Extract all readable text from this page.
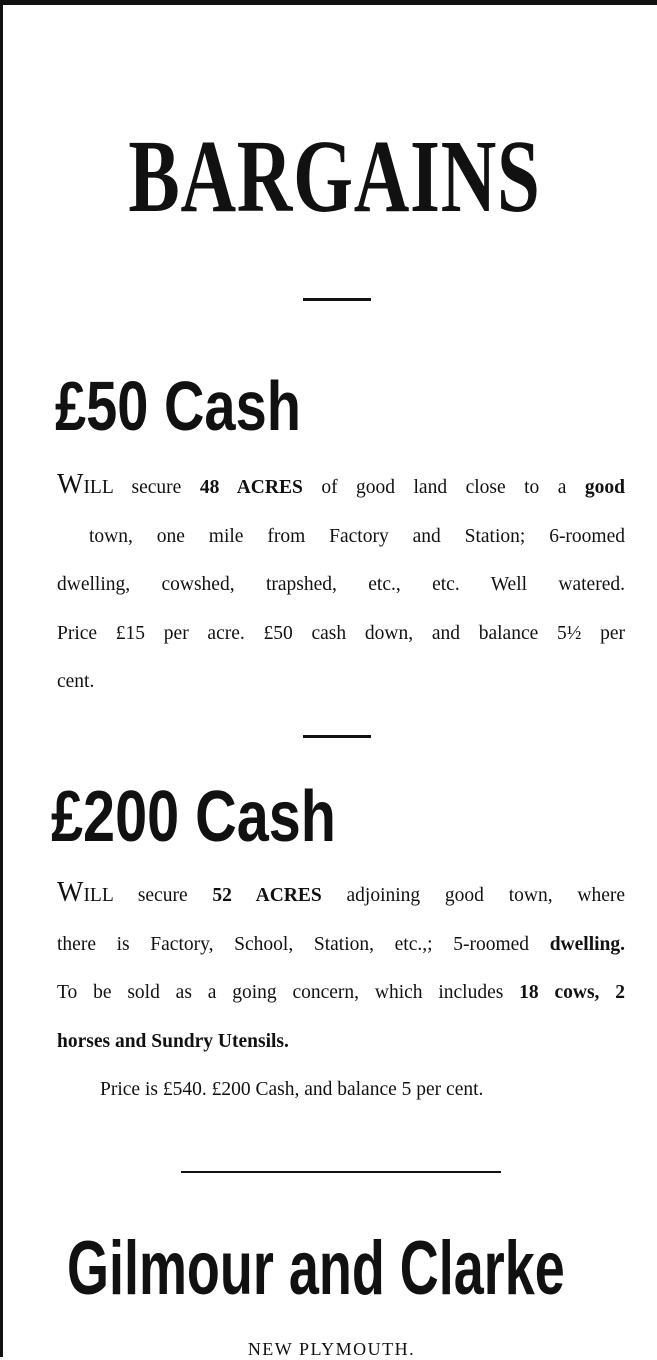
BARGAINS
£50 Cash
WILL secure 48 ACRES of good land close to a good
town, one mile from Factory and Station; 6-roomed
dwelling, cowshed, trapshed, etc., etc. Well watered.
Price £15 per acre. £50 cash down, and balance 5½ per
cent.
£200 Cash
WILL secure 52 ACRES adjoining good town, where
there is Factory, School, Station, etc.,; 5-roomed dwelling.
To be sold as a going concern, which includes 18 cows, 2
horses and Sundry Utensils.
Price is £540. £200 Cash, and balance 5 per cent.
Gilmour and Clarke
NEW PLYMOUTH.
